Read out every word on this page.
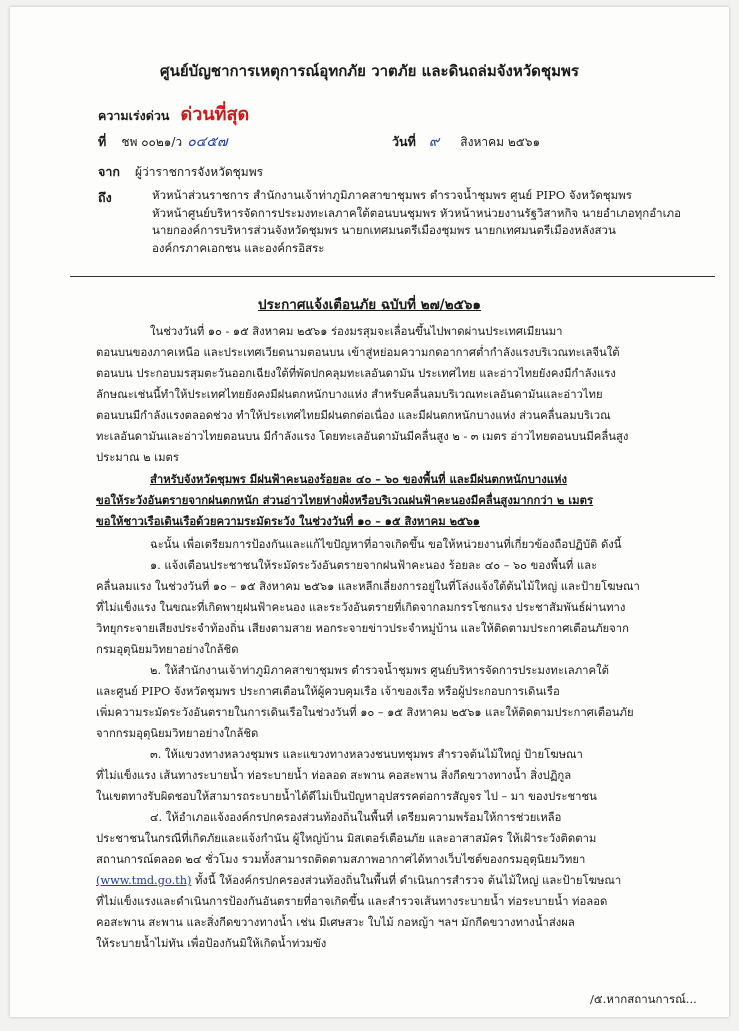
ศูนย์บัญชาการเหตุการณ์อุทกภัย วาตภัย และดินถล่มจังหวัดชุมพร
ความเร่งด่วน ด่วนที่สุด
ที่ ชพ ๐๐๒๑/ว ๐๔๕๗	วันที่ ๙ สิงหาคม ๒๕๖๑
จาก ผู้ว่าราชการจังหวัดชุมพร
ถึง	หัวหน้าส่วนราชการ สำนักงานเจ้าท่าภูมิภาคสาขาชุมพร ตำรวจน้ำชุมพร ศูนย์ PIPO จังหวัดชุมพร
หัวหน้าศูนย์บริหารจัดการประมงทะเลภาคใต้ตอนบนชุมพร หัวหน้าหน่วยงานรัฐวิสาหกิจ นายอำเภอทุกอำเภอ
นายกองค์การบริหารส่วนจังหวัดชุมพร นายกเทศมนตรีเมืองชุมพร นายกเทศมนตรีเมืองหลังสวน
องค์กรภาคเอกชน และองค์กรอิสระ
ประกาศแจ้งเตือนภัย ฉบับที่ ๒๗/๒๕๖๑

ในช่วงวันที่ ๑๐ - ๑๕ สิงหาคม ๒๕๖๑ ร่องมรสุมจะเลื่อนขึ้นไปพาดผ่านประเทศเมียนมา

ตอนบนของภาคเหนือ และประเทศเวียดนามตอนบน เข้าสู่หย่อมความกดอากาศต่ำกำลังแรงบริเวณทะเลจีนใต้

ตอนบน ประกอบมรสุมตะวันออกเฉียงใต้ที่พัดปกคลุมทะเลอันดามัน ประเทศไทย และอ่าวไทยยังคงมีกำลังแรง

ลักษณะเช่นนี้ทำให้ประเทศไทยยังคงมีฝนตกหนักบางแห่ง สำหรับคลื่นลมบริเวณทะเลอันดามันและอ่าวไทย

ตอนบนมีกำลังแรงตลอดช่วง ทำให้ประเทศไทยมีฝนตกต่อเนื่อง และมีฝนตกหนักบางแห่ง ส่วนคลื่นลมบริเวณ

ทะเลอันดามันและอ่าวไทยตอนบน มีกำลังแรง โดยทะเลอันดามันมีคลื่นสูง ๒ - ๓ เมตร อ่าวไทยตอนบนมีคลื่นสูง

ประมาณ ๒ เมตร

สำหรับจังหวัดชุมพร มีฝนฟ้าคะนองร้อยละ ๔๐ – ๖๐ ของพื้นที่ และมีฝนตกหนักบางแห่ง

ขอให้ระวังอันตรายจากฝนตกหนัก ส่วนอ่าวไทยห่างฝั่งหรือบริเวณฝนฟ้าคะนองมีคลื่นสูงมากกว่า ๒ เมตร

ขอให้ชาวเรือเดินเรือด้วยความระมัดระวัง ในช่วงวันที่ ๑๐ – ๑๕ สิงหาคม ๒๕๖๑

ฉะนั้น เพื่อเตรียมการป้องกันและแก้ไขปัญหาที่อาจเกิดขึ้น ขอให้หน่วยงานที่เกี่ยวข้องถือปฏิบัติ ดังนี้

๑. แจ้งเตือนประชาชนให้ระมัดระวังอันตรายจากฝนฟ้าคะนอง ร้อยละ ๔๐ – ๖๐ ของพื้นที่ และ

คลื่นลมแรง ในช่วงวันที่ ๑๐ – ๑๕ สิงหาคม ๒๕๖๑ และหลีกเลี่ยงการอยู่ในที่โล่งแจ้งใต้ต้นไม้ใหญ่ และป้ายโฆษณา

ที่ไม่แข็งแรง ในขณะที่เกิดพายุฝนฟ้าคะนอง และระวังอันตรายที่เกิดจากลมกรรโชกแรง ประชาสัมพันธ์ผ่านทาง

วิทยุกระจายเสียงประจำท้องถิ่น เสียงตามสาย หอกระจายข่าวประจำหมู่บ้าน และให้ติดตามประกาศเตือนภัยจาก

กรมอุตุนิยมวิทยาอย่างใกล้ชิด

๒. ให้สำนักงานเจ้าท่าภูมิภาคสาขาชุมพร ตำรวจน้ำชุมพร ศูนย์บริหารจัดการประมงทะเลภาคใต้

และศูนย์ PIPO จังหวัดชุมพร ประกาศเตือนให้ผู้ควบคุมเรือ เจ้าของเรือ หรือผู้ประกอบการเดินเรือ

เพิ่มความระมัดระวังอันตรายในการเดินเรือในช่วงวันที่ ๑๐ – ๑๕ สิงหาคม ๒๕๖๑ และให้ติดตามประกาศเตือนภัย

จากกรมอุตุนิยมวิทยาอย่างใกล้ชิด

๓. ให้แขวงทางหลวงชุมพร และแขวงทางหลวงชนบทชุมพร สำรวจต้นไม้ใหญ่ ป้ายโฆษณา

ที่ไม่แข็งแรง เส้นทางระบายน้ำ ท่อระบายน้ำ ท่อลอด สะพาน คอสะพาน สิ่งกีดขวางทางน้ำ สิ่งปฏิกูล

ในเขตทางรับผิดชอบให้สามารถระบายน้ำได้ดีไม่เป็นปัญหาอุปสรรคต่อการสัญจร ไป – มา ของประชาชน

๔. ให้อำเภอแจ้งองค์กรปกครองส่วนท้องถิ่นในพื้นที่ เตรียมความพร้อมให้การช่วยเหลือ

ประชาชนในกรณีที่เกิดภัยและแจ้งกำนัน ผู้ใหญ่บ้าน มิสเตอร์เตือนภัย และอาสาสมัคร ให้เฝ้าระวังติดตาม

สถานการณ์ตลอด ๒๔ ชั่วโมง รวมทั้งสามารถติดตามสภาพอากาศได้ทางเว็บไซต์ของกรมอุตุนิยมวิทยา

(www.tmd.go.th) ทั้งนี้ ให้องค์กรปกครองส่วนท้องถิ่นในพื้นที่ ดำเนินการสำรวจ ต้นไม้ใหญ่ และป้ายโฆษณา

ที่ไม่แข็งแรงและดำเนินการป้องกันอันตรายที่อาจเกิดขึ้น และสำรวจเส้นทางระบายน้ำ ท่อระบายน้ำ ท่อลอด

คอสะพาน สะพาน และสิ่งกีดขวางทางน้ำ เช่น มีเศษสวะ ใบไม้ กอหญ้า ฯลฯ มักกีดขวางทางน้ำส่งผล

ให้ระบายน้ำไม่ทัน เพื่อป้องกันมิให้เกิดน้ำท่วมขัง

/๕.หากสถานการณ์...
